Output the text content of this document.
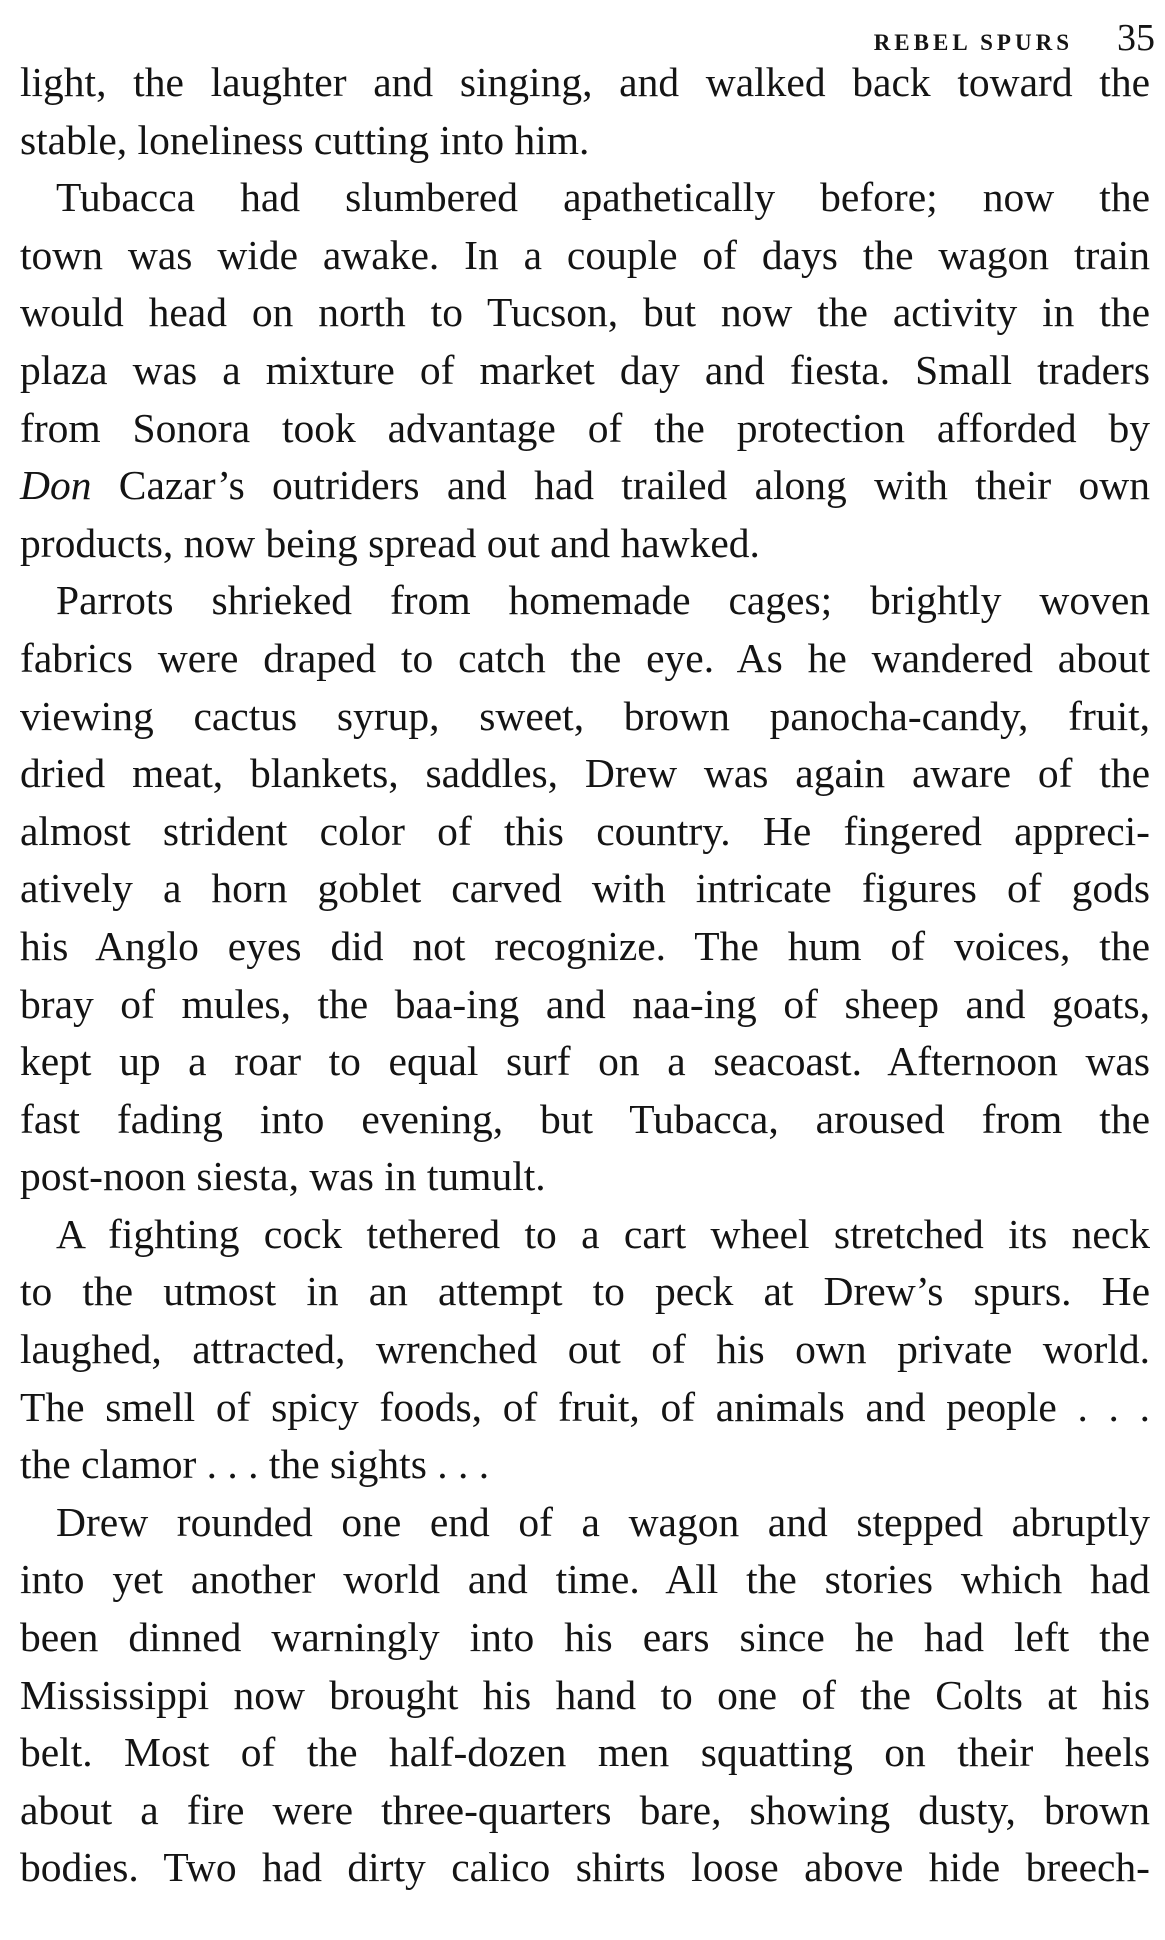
REBEL SPURS 35
light, the laughter and singing, and walked back toward the
stable, loneliness cutting into him.
Tubacca had slumbered apathetically before; now the
town was wide awake. In a couple of days the wagon train
would head on north to Tucson, but now the activity in the
plaza was a mixture of market day and fiesta. Small traders
from Sonora took advantage of the protection afforded by
Don Cazar’s outriders and had trailed along with their own
products, now being spread out and hawked.
Parrots shrieked from homemade cages; brightly woven
fabrics were draped to catch the eye. As he wandered about
viewing cactus syrup, sweet, brown panocha-candy, fruit,
dried meat, blankets, saddles, Drew was again aware of the
almost strident color of this country. He fingered appreci-
atively a horn goblet carved with intricate figures of gods
his Anglo eyes did not recognize. The hum of voices, the
bray of mules, the baa-ing and naa-ing of sheep and goats,
kept up a roar to equal surf on a seacoast. Afternoon was
fast fading into evening, but Tubacca, aroused from the
post-noon siesta, was in tumult.
A fighting cock tethered to a cart wheel stretched its neck
to the utmost in an attempt to peck at Drew’s spurs. He
laughed, attracted, wrenched out of his own private world.
The smell of spicy foods, of fruit, of animals and people . . .
the clamor . . . the sights . . .
Drew rounded one end of a wagon and stepped abruptly
into yet another world and time. All the stories which had
been dinned warningly into his ears since he had left the
Mississippi now brought his hand to one of the Colts at his
belt. Most of the half-dozen men squatting on their heels
about a fire were three-quarters bare, showing dusty, brown
bodies. Two had dirty calico shirts loose above hide breech-
